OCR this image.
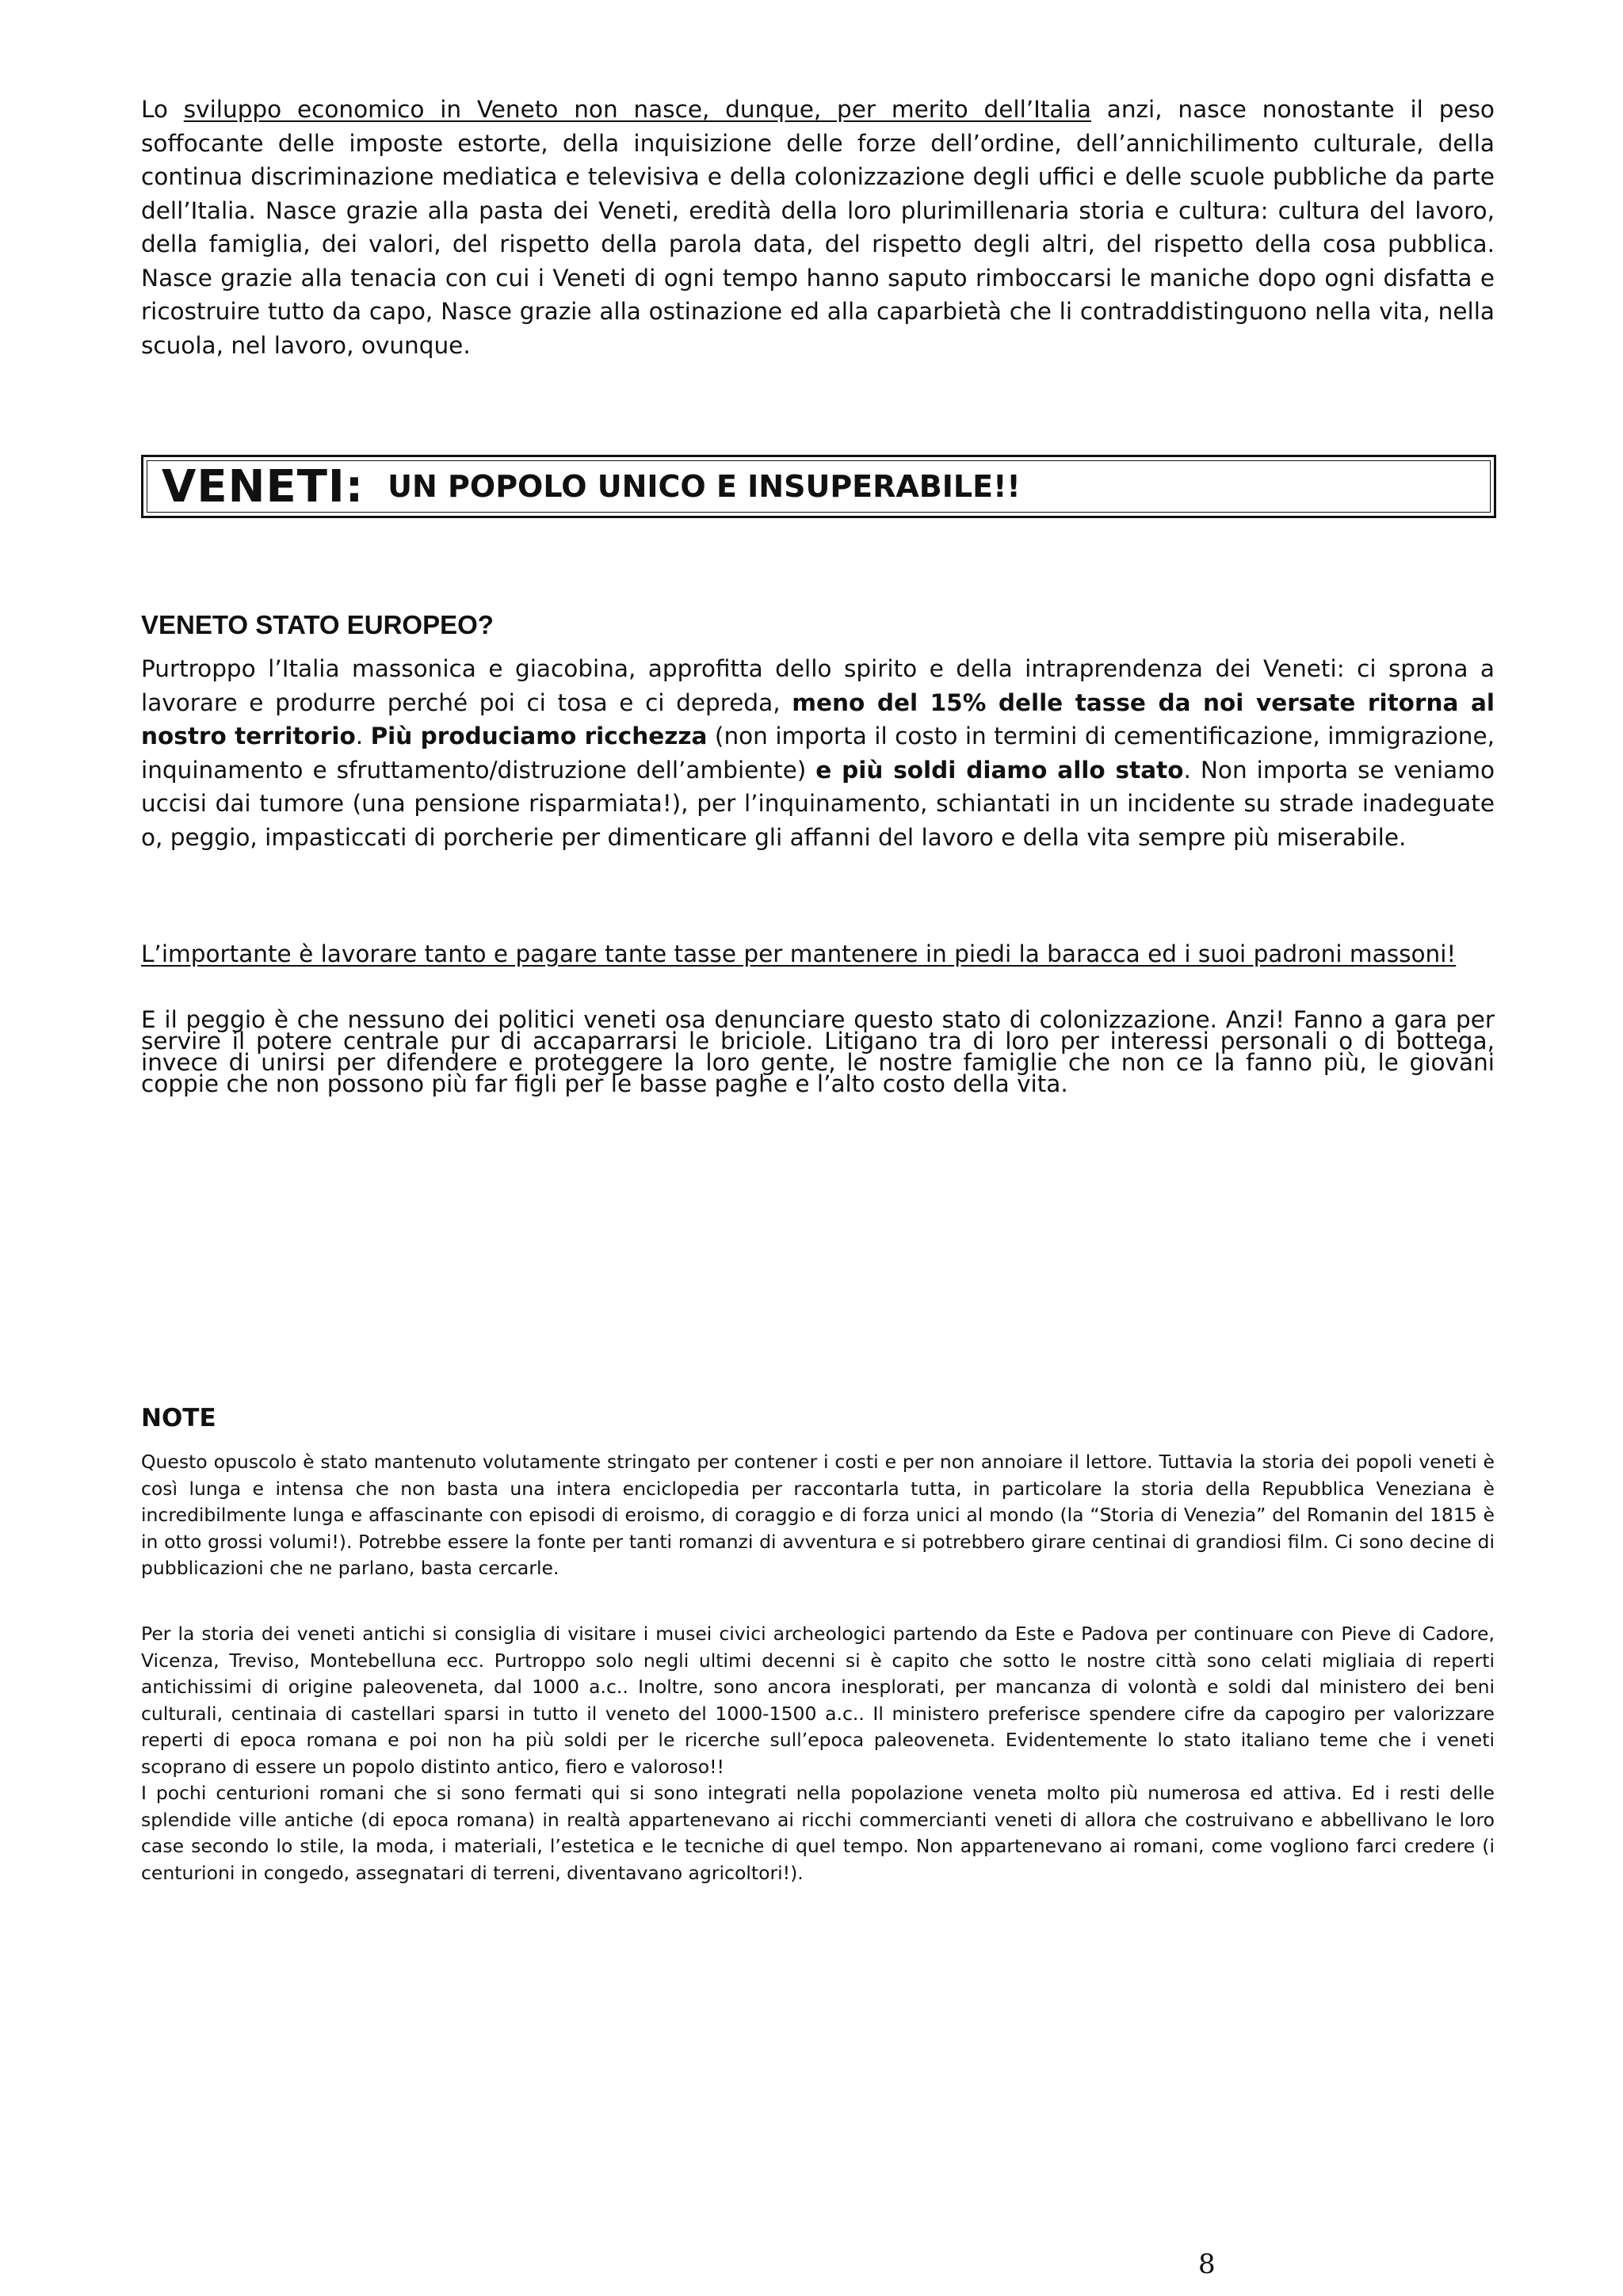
Lo sviluppo economico in Veneto non nasce, dunque, per merito dell’Italia anzi, nasce nonostante il peso soffocante delle imposte estorte, della inquisizione delle forze dell’ordine, dell’annichilimento culturale, della continua discriminazione mediatica e televisiva e della colonizzazione degli uffici e delle scuole pubbliche da parte dell’Italia. Nasce grazie alla pasta dei Veneti, eredità della loro plurimillenaria storia e cultura: cultura del lavoro, della famiglia, dei valori, del rispetto della parola data, del rispetto degli altri, del rispetto della cosa pubblica. Nasce grazie alla tenacia con cui i Veneti di ogni tempo hanno saputo rimboccarsi le maniche dopo ogni disfatta e ricostruire tutto da capo, Nasce grazie alla ostinazione ed alla caparbietà che li contraddistinguono nella vita, nella scuola, nel lavoro, ovunque.

VENETI: UN POPOLO UNICO E INSUPERABILE!!
VENETO STATO EUROPEO?

Purtroppo l’Italia massonica e giacobina, approfitta dello spirito e della intraprendenza dei Veneti: ci sprona a lavorare e produrre perché poi ci tosa e ci depreda, meno del 15% delle tasse da noi versate ritorna al nostro territorio. Più produciamo ricchezza (non importa il costo in termini di cementificazione, immigrazione, inquinamento e sfruttamento/distruzione dell’ambiente) e più soldi diamo allo stato. Non importa se veniamo uccisi dai tumore (una pensione risparmiata!), per l’inquinamento, schiantati in un incidente su strade inadeguate o, peggio, impasticcati di porcherie per dimenticare gli affanni del lavoro e della vita sempre più miserabile.

L’importante è lavorare tanto e pagare tante tasse per mantenere in piedi la baracca ed i suoi padroni massoni!

E il peggio è che nessuno dei politici veneti osa denunciare questo stato di colonizzazione. Anzi! Fanno a gara per servire il potere centrale pur di accaparrarsi le briciole. Litigano tra di loro per interessi personali o di bottega, invece di unirsi per difendere e proteggere la loro gente, le nostre famiglie che non ce la fanno più, le giovani coppie che non possono più far figli per le basse paghe e l’alto costo della vita.

NOTE

Questo opuscolo è stato mantenuto volutamente stringato per contener i costi e per non annoiare il lettore. Tuttavia la storia dei popoli veneti è così lunga e intensa che non basta una intera enciclopedia per raccontarla tutta, in particolare la storia della Repubblica Veneziana è incredibilmente lunga e affascinante con episodi di eroismo, di coraggio e di forza unici al mondo (la “Storia di Venezia” del Romanin del 1815 è in otto grossi volumi!). Potrebbe essere la fonte per tanti romanzi di avventura e si potrebbero girare centinai di grandiosi film. Ci sono decine di pubblicazioni che ne parlano, basta cercarle.

Per la storia dei veneti antichi si consiglia di visitare i musei civici archeologici partendo da Este e Padova per continuare con Pieve di Cadore, Vicenza, Treviso, Montebelluna ecc. Purtroppo solo negli ultimi decenni si è capito che sotto le nostre città sono celati migliaia di reperti antichissimi di origine paleoveneta, dal 1000 a.c.. Inoltre, sono ancora inesplorati, per mancanza di volontà e soldi dal ministero dei beni culturali, centinaia di castellari sparsi in tutto il veneto del 1000-1500 a.c.. Il ministero preferisce spendere cifre da capogiro per valorizzare reperti di epoca romana e poi non ha più soldi per le ricerche sull’epoca paleoveneta. Evidentemente lo stato italiano teme che i veneti scoprano di essere un popolo distinto antico, fiero e valoroso!!

I pochi centurioni romani che si sono fermati qui si sono integrati nella popolazione veneta molto più numerosa ed attiva. Ed i resti delle splendide ville antiche (di epoca romana) in realtà appartenevano ai ricchi commercianti veneti di allora che costruivano e abbellivano le loro case secondo lo stile, la moda, i materiali, l’estetica e le tecniche di quel tempo. Non appartenevano ai romani, come vogliono farci credere (i centurioni in congedo, assegnatari di terreni, diventavano agricoltori!).

8
